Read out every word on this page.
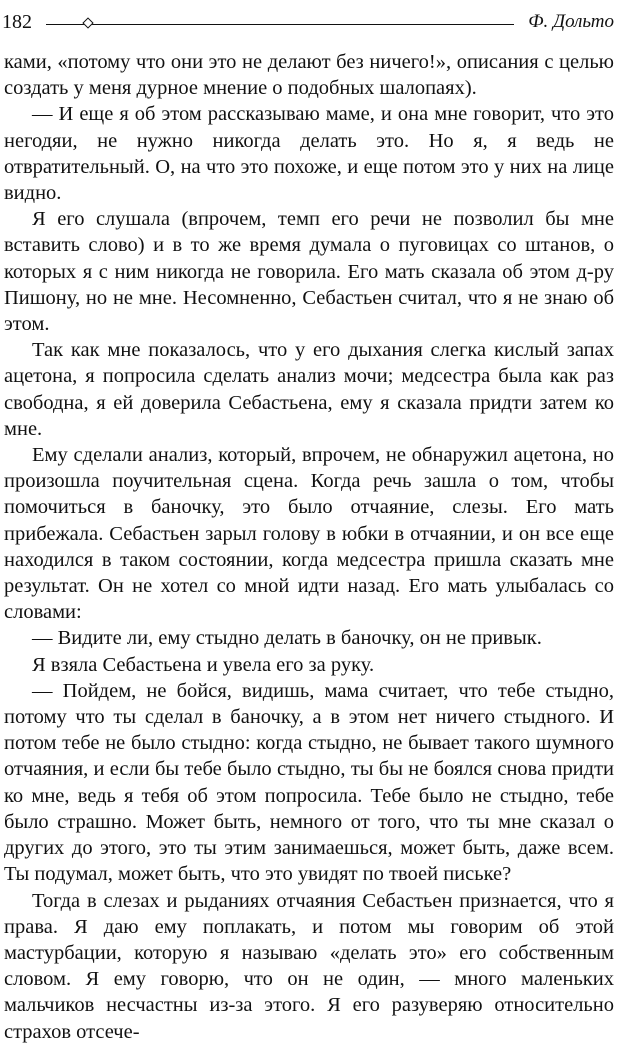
182	Ф. Дольто

ками, «потому что они это не делают без ничего!», описания с целью создать у меня дурное мнение о подобных шалопаях).

— И еще я об этом рассказываю маме, и она мне говорит, что это негодяи, не нужно никогда делать это. Но я, я ведь не отвратительный. О, на что это похоже, и еще потом это у них на лице видно.

Я его слушала (впрочем, темп его речи не позволил бы мне вставить слово) и в то же время думала о пуговицах со штанов, о которых я с ним никогда не говорила. Его мать сказала об этом д-ру Пишону, но не мне. Несомненно, Себастьен считал, что я не знаю об этом.

Так как мне показалось, что у его дыхания слегка кислый запах ацетона, я попросила сделать анализ мочи; медсестра была как раз свободна, я ей доверила Себастьена, ему я сказала придти затем ко мне.

Ему сделали анализ, который, впрочем, не обнаружил ацетона, но произошла поучительная сцена. Когда речь зашла о том, чтобы помочиться в баночку, это было отчаяние, слезы. Его мать прибежала. Себастьен зарыл голову в юбки в отчаянии, и он все еще находился в таком состоянии, когда медсестра пришла сказать мне результат. Он не хотел со мной идти назад. Его мать улыбалась со словами:

— Видите ли, ему стыдно делать в баночку, он не привык.

Я взяла Себастьена и увела его за руку.

— Пойдем, не бойся, видишь, мама считает, что тебе стыдно, потому что ты сделал в баночку, а в этом нет ничего стыдного. И потом тебе не было стыдно: когда стыдно, не бывает такого шумного отчаяния, и если бы тебе было стыдно, ты бы не боялся снова придти ко мне, ведь я тебя об этом попросила. Тебе было не стыдно, тебе было страшно. Может быть, немного от того, что ты мне сказал о других до этого, это ты этим занимаешься, может быть, даже всем. Ты подумал, может быть, что это увидят по твоей письке?

Тогда в слезах и рыданиях отчаяния Себастьен признается, что я права. Я даю ему поплакать, и потом мы говорим об этой мастурбации, которую я называю «делать это» его собственным словом. Я ему говорю, что он не один, — много маленьких мальчиков несчастны из-за этого. Я его разуверяю относительно страхов отсече-
